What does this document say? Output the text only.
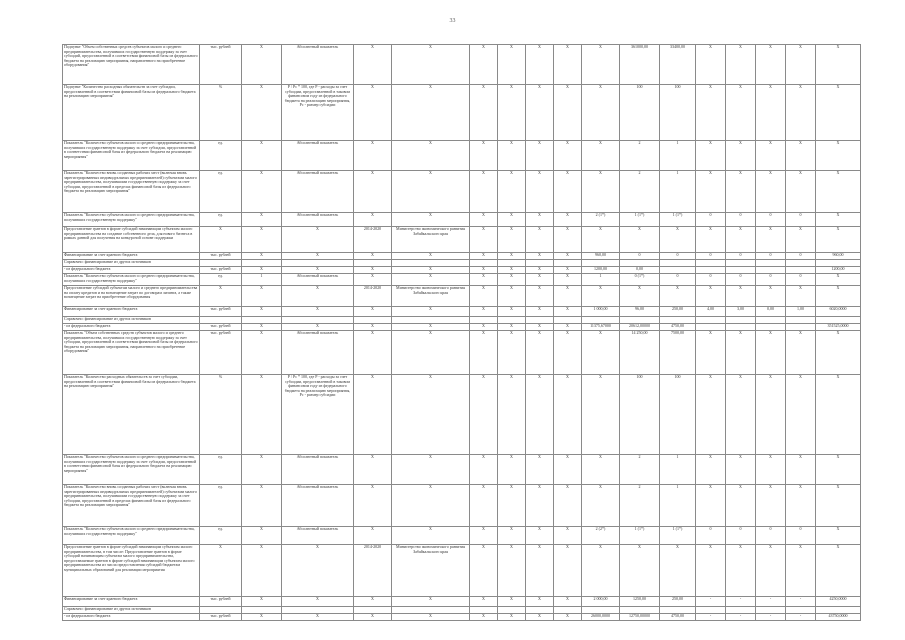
33
Подпункт "Объем собственных средств субъектов малого и среднего предпринимательства, получивших государственную поддержку за счет субсидий, предоставленной в соответствии финансовой базы из федерального бюджета на реализацию мероприятия, направленного на приобретение оборудования"	тыс. рублей	X	Абсолютный показатель	X	X	X	X	X	X	X	361000,00	33400,00	X	X	X	X	X
Подпункт "Количество расходных обязательств за счет субсидии, предоставленной в соответствии финансовой базы из федерального бюджета на реализацию мероприятия"	%	X	P / Pc * 100, где P - расходы за счет субсидии, предоставленной в таковом финансовом году из федерального бюджета на реализацию мероприятия, Pc - размер субсидии	X	X	X	X	X	X	X	100	100	X	X	X	X	X
Показатель "Количество субъектов малого и среднего предпринимательства, получивших государственную поддержку за счет субсидии, предоставленной в соответствии финансовой базы из федерального бюджета на реализацию мероприятия"	ед.	X	Абсолютный показатель	X	X	X	X	X	X	X	2	1	X	X	X	X	X
Показатель "Количество вновь созданных рабочих мест (включая вновь зарегистрированных индивидуальных предпринимателей) субъектами малого предпринимательства, получившими государственную поддержку за счет субсидии, предоставленной в пределах финансовой базы из федерального бюджета на реализацию мероприятия"	ед.	X	Абсолютный показатель	X	X	X	X	X	X	X	2	1	X	X	X	X	X
Показатель "Количество субъектов малого и среднего предпринимательства, получивших государственную поддержку"	ед.	X	Абсолютный показатель	X	X	X	X	X	X	2 (1*)	1 (1*)	1 (1*)	0	0	0	0	X
Предоставление грантов в форме субсидий начинающим субъектам малого предпринимательства на создание собственного дела, для нового бизнеса в рамках данной для получения на конкурсной основе поддержки	X	X	X	2014-2020	Министерство экономического развития Забайкальского края	X	X	X	X	X	X	X	X	X	X	X	X
Финансирование за счет краевого бюджета	тыс. рублей	X	X	X	X	X	X	X	X	960,00	0	0	0	0	0	0	960,00
Справочно: финансирование из других источников																	
- из федерального бюджета	тыс. рублей	X	X	X	X	X	X	X	X	1200,00	0,00						1200,00
Показатель "Количество субъектов малого и среднего предпринимательства, получивших государственную поддержку"	ед.	1	Абсолютный показатель	X	X	X	X	X	X	1	0 (1*)	0	0	0	0	0	X
Предоставление субсидий субъектам малого и среднего предпринимательства на оплату кредитов и на возмещение затрат по договорам лизинга, а также возмещение затрат на приобретение оборудования	X	X	X	2014-2020	Министерство экономического развития Забайкальского края	X	X	X	X	X	X	X	X	X	X	X	X
Финансирование за счет краевого бюджета	тыс. рублей	X	X	X	X	X	X	X	X	1 000,00	96,00	250,00	4,00	3,00	0,00	1,00	6020,0000
Справочно: финансирование из других источников																	
- из федерального бюджета	тыс. рублей	X	X	X	X	X	X	X	X	11375,67000	20612,00000	4750,00					351525,0000
Показатель "Объем собственных средств субъектов малого и среднего предпринимательства, получивших государственную поддержку за счет субсидии, предоставленной в соответствии финансовой базы из федерального бюджета на реализацию мероприятия, направленного на приобретение оборудования"	тыс. рублей	X	Абсолютный показатель	X	X	X	X	X	X	X	14 250,00	7500,00	X	X	X	X	X
Показатель "Количество расходных обязательств за счет субсидии, предоставленной в соответствии финансовой базы из федерального бюджета на реализацию мероприятия"	%	X	P / Pc * 100, где P - расходы за счет субсидии, предоставленной в таковом финансовом году из федерального бюджета на реализацию мероприятия, Pc - размер субсидии	X	X	X	X	X	X	X	100	100	X	X	X	X	X
Показатель "Количество субъектов малого и среднего предпринимательства, получивших государственную поддержку за счет субсидии, предоставленной в соответствии финансовой базы из федерального бюджета на реализацию мероприятия"	ед.	X	Абсолютный показатель	X	X	X	X	X	X	X	2	1	X	X	X	X	X
Показатель "Количество вновь созданных рабочих мест (включая вновь зарегистрированных индивидуальных предпринимателей) субъектами малого предпринимательства, получившими государственную поддержку за счет субсидии, предоставленной в пределах финансовой базы из федерального бюджета на реализацию мероприятия"	ед.	X	Абсолютный показатель	X	X	X	X	X	X	X	2	1	X	X	X	X	X
Показатель "Количество субъектов малого и среднего предпринимательства, получивших государственную поддержку"	ед.	X	Абсолютный показатель	X	X	X	X	X	X	2 (2*)	1 (1*)	1 (1*)	0	0	0	0	X
Предоставление грантов в форме субсидий начинающим субъектам малого предпринимательства, в том числе: Предоставление грантов в форме субсидий начинающим субъектам малого предпринимательства, предоставляемые грантов в форме субсидий начинающим субъектам малого предпринимательства из числа предоставления субсидий бюджетам муниципальных образований для реализации мероприятия	X	X	X	2014-2020	Министерство экономического развития Забайкальского края	X	X	X	X	X	X	X	X	X	X	X	X
Финансирование за счет краевого бюджета	тыс. рублей	X	X	X	X	X	X	X	X	2 000,00	1250,00	250,00	-	-	-	-	4250,0000
Справочно: финансирование из других источников																	
- из федерального бюджета	тыс. рублей	X	X	X	X	X	X	X	X	26000,0000	12750,00000	4750,00	-	-	-	-	43750,0000
